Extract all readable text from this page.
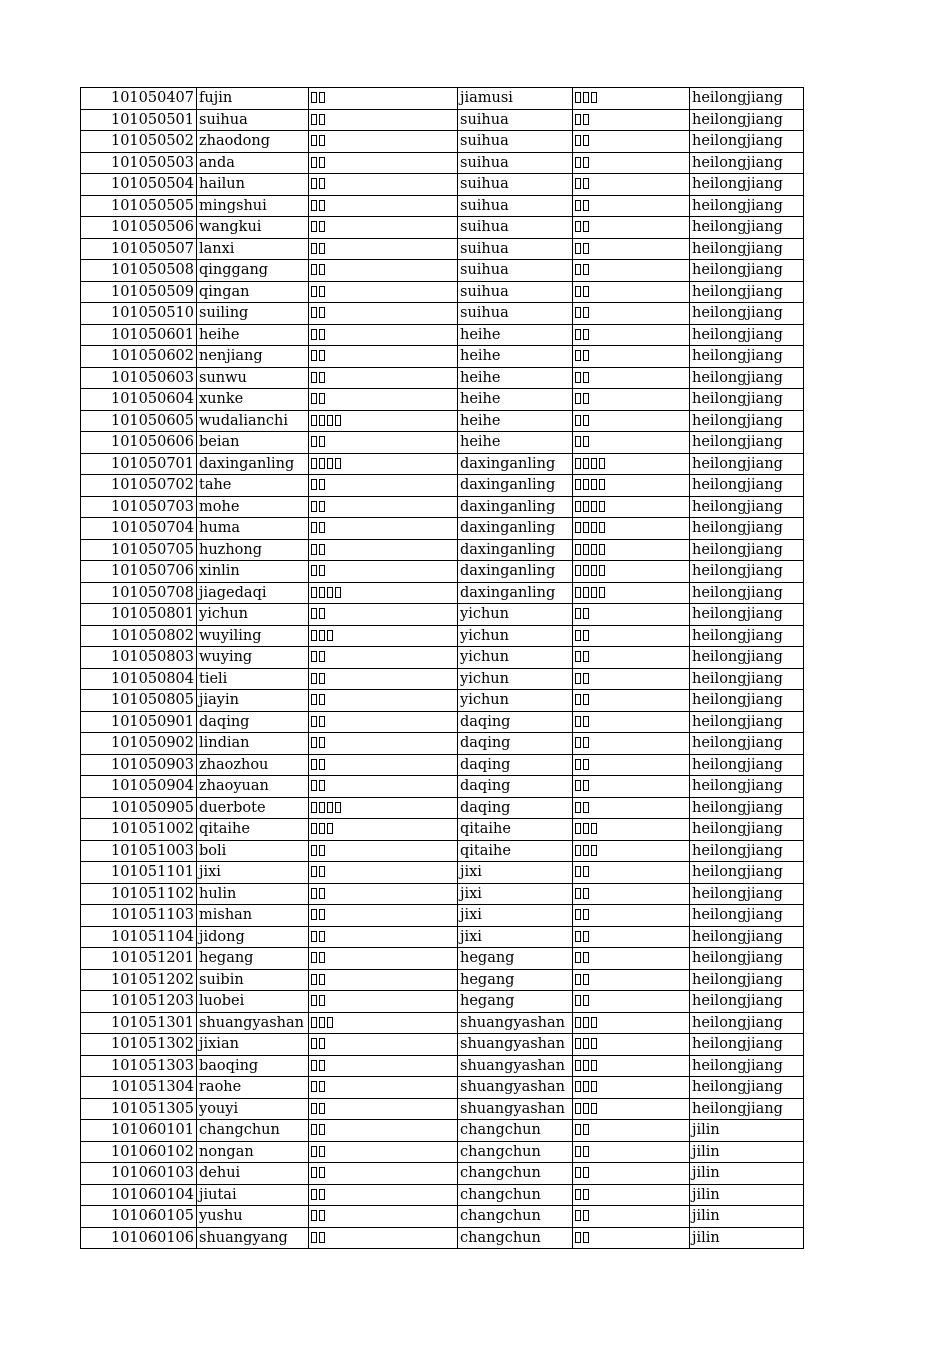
101050407	fujin		jiamusi		heilongjiang
101050501	suihua		suihua		heilongjiang
101050502	zhaodong		suihua		heilongjiang
101050503	anda		suihua		heilongjiang
101050504	hailun		suihua		heilongjiang
101050505	mingshui		suihua		heilongjiang
101050506	wangkui		suihua		heilongjiang
101050507	lanxi		suihua		heilongjiang
101050508	qinggang		suihua		heilongjiang
101050509	qingan		suihua		heilongjiang
101050510	suiling		suihua		heilongjiang
101050601	heihe		heihe		heilongjiang
101050602	nenjiang		heihe		heilongjiang
101050603	sunwu		heihe		heilongjiang
101050604	xunke		heihe		heilongjiang
101050605	wudalianchi		heihe		heilongjiang
101050606	beian		heihe		heilongjiang
101050701	daxinganling		daxinganling		heilongjiang
101050702	tahe		daxinganling		heilongjiang
101050703	mohe		daxinganling		heilongjiang
101050704	huma		daxinganling		heilongjiang
101050705	huzhong		daxinganling		heilongjiang
101050706	xinlin		daxinganling		heilongjiang
101050708	jiagedaqi		daxinganling		heilongjiang
101050801	yichun		yichun		heilongjiang
101050802	wuyiling		yichun		heilongjiang
101050803	wuying		yichun		heilongjiang
101050804	tieli		yichun		heilongjiang
101050805	jiayin		yichun		heilongjiang
101050901	daqing		daqing		heilongjiang
101050902	lindian		daqing		heilongjiang
101050903	zhaozhou		daqing		heilongjiang
101050904	zhaoyuan		daqing		heilongjiang
101050905	duerbote		daqing		heilongjiang
101051002	qitaihe		qitaihe		heilongjiang
101051003	boli		qitaihe		heilongjiang
101051101	jixi		jixi		heilongjiang
101051102	hulin		jixi		heilongjiang
101051103	mishan		jixi		heilongjiang
101051104	jidong		jixi		heilongjiang
101051201	hegang		hegang		heilongjiang
101051202	suibin		hegang		heilongjiang
101051203	luobei		hegang		heilongjiang
101051301	shuangyashan		shuangyashan		heilongjiang
101051302	jixian		shuangyashan		heilongjiang
101051303	baoqing		shuangyashan		heilongjiang
101051304	raohe		shuangyashan		heilongjiang
101051305	youyi		shuangyashan		heilongjiang
101060101	changchun		changchun		jilin
101060102	nongan		changchun		jilin
101060103	dehui		changchun		jilin
101060104	jiutai		changchun		jilin
101060105	yushu		changchun		jilin
101060106	shuangyang		changchun		jilin
